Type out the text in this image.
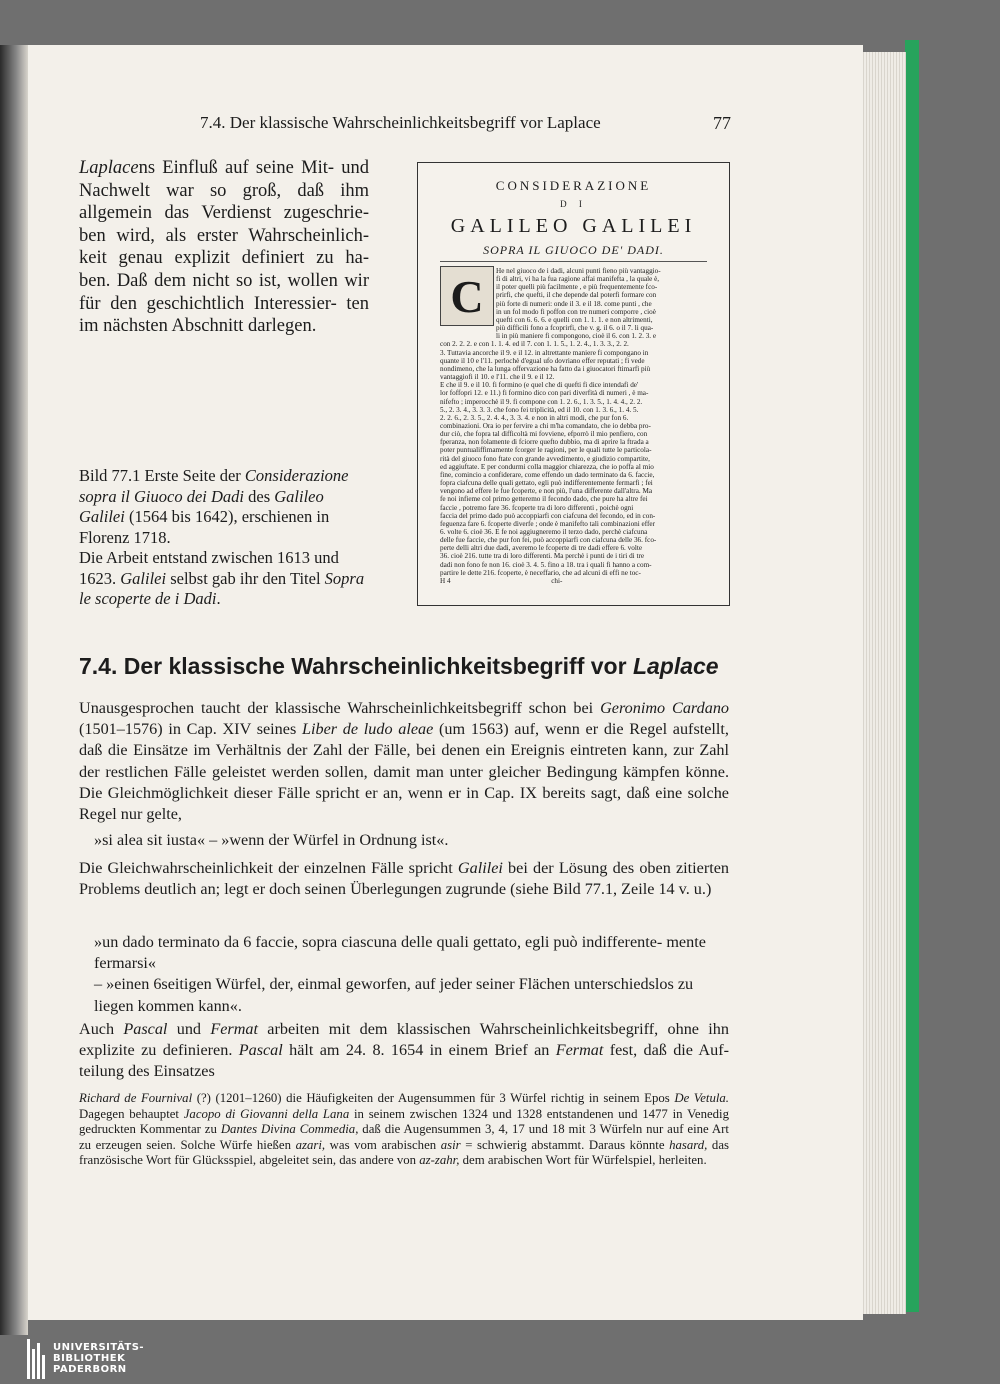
7.4. Der klassische Wahrscheinlichkeitsbegriff vor Laplace	77
Laplacens Einfluß auf seine Mit- und Nachwelt war so groß, daß ihm allgemein das Verdienst zugeschrie- ben wird, als erster Wahrscheinlich- keit genau explizit definiert zu ha- ben. Daß dem nicht so ist, wollen wir für den geschichtlich Interessier- ten im nächsten Abschnitt darlegen.
CONSIDERAZIONE
D I
GALILEO GALILEI
SOPRA IL GIUOCO DE' DADI.
C	He nel giuoco de i dadi, alcuni punti fieno più vantaggio-
fi di altri, vi ha la fua ragione affai manifefta , la quale è,
il poter quelli più facilmente , e più frequentemente fco-
prirfi, che quefti, il che depende dal poterfi formare con
più forte di numeri: onde il 3. e il 18. come punti , che
in un fol modo fi poffon con tre numeri comporre , cioè
quefti con 6. 6. 6. e quelli con 1. 1. 1. e non altrimenti,
più difficili fono a fcoprirfi, che v. g. il 6. o il 7. li qua-
li in più maniere fi compongono, cioè il 6. con 1. 2. 3. e
con 2. 2. 2. e con 1. 1. 4. ed il 7. con 1. 1. 5., 1. 2. 4., 1. 3. 3., 2. 2.
3. Tuttavia ancorche il 9. e il 12. in altrettante maniere fi compongano in
quante il 10 e l'11. perlochè d'egual ufo dovriano effer reputati ; fi vede
nondimeno, che la lunga offervazione ha fatto da i giuocatori ftimarfi più
vantaggiofi il 10. e l'11. che il 9. e il 12.
E che il 9. e il 10. fi formino (e quel che di quefti fi dice intendafi de'
lor foffopri 12. e 11.) fi formino dico con pari diverfità di numeri , è ma-
nifefto ; imperocchè il 9. fi compone con 1. 2. 6., 1. 3. 5., 1. 4. 4., 2. 2.
5., 2. 3. 4., 3. 3. 3. che fono fei triplicità, ed il 10. con 1. 3. 6., 1. 4. 5.
2. 2. 6., 2. 3. 5., 2. 4. 4., 3. 3. 4. e non in altri modi, che pur fon 6.
combinazioni. Ora io per fervire a chi m'ha comandato, che io debba pro-
dur ciò, che fopra tal difficoltà mi fovviene, efporrò il mio penfiero, con
fperanza, non folamente di fciorre quefto dubbio, ma di aprire la ftrada a
poter puntualiffimamente fcorger le ragioni, per le quali tutte le particola-
rità del giuoco fono ftate con grande avvedimento, e giudizio compartite,
ed aggiuftate. E per condurmi colla maggior chiarezza, che io poffa al mio
fine, comincio a confiderare, come effendo un dado terminato da 6. faccie,
fopra ciafcuna delle quali gettato, egli può indifferentemente fermarfi ; fei
vengono ad effere le fue fcoperte, e non più, l'una differente dall'altra. Ma
fe noi infieme col primo getteremo il fecondo dado, che pure ha altre fei
faccie , potremo fare 36. fcoperte tra di loro differenti , poichè ogni
faccia del primo dado può accoppiarfi con ciafcuna del fecondo, ed in con-
feguenza fare 6. fcoperte diverfe ; onde è manifefto tali combinazioni effer
6. volte 6. cioè 36. E fe noi aggiugneremo il terzo dado, perchè ciafcuna
delle fue faccie, che pur fon fei, può accoppiarfi con ciafcuna delle 36. fco-
perte delli altri due dadi, averemo le fcoperte di tre dadi effere 6. volte
36. cioè 216. tutte tra di loro differenti. Ma perchè i punti de i tiri di tre
dadi non fono fe non 16. cioè 3. 4. 5. fino a 18. tra i quali fi hanno a com-
partire le dette 216. fcoperte, è neceffario, che ad alcuni di effi ne toc-
H 4                                                        chi-

Bild 77.1 Erste Seite der Considerazione sopra il Giuoco dei Dadi des Galileo Galilei (1564 bis 1642), erschienen in Florenz 1718.

Die Arbeit entstand zwischen 1613 und 1623. Galilei selbst gab ihr den Titel Sopra le scoperte de i Dadi.

7.4. Der klassische Wahrscheinlichkeitsbegriff vor Laplace

Unausgesprochen taucht der klassische Wahrscheinlichkeitsbegriff schon bei Geronimo Cardano (1501–1576) in Cap. XIV seines Liber de ludo aleae (um 1563) auf, wenn er die Regel aufstellt, daß die Einsätze im Verhältnis der Zahl der Fälle, bei denen ein Ereignis eintreten kann, zur Zahl der restlichen Fälle geleistet werden sollen, damit man unter gleicher Bedingung kämpfen könne. Die Gleichmöglichkeit dieser Fälle spricht er an, wenn er in Cap. IX bereits sagt, daß eine solche Regel nur gelte,

»si alea sit iusta« – »wenn der Würfel in Ordnung ist«.

Die Gleichwahrscheinlichkeit der einzelnen Fälle spricht Galilei bei der Lösung des oben zitierten Problems deutlich an; legt er doch seinen Überlegungen zugrunde (siehe Bild 77.1, Zeile 14 v. u.)

»un dado terminato da 6 faccie, sopra ciascuna delle quali gettato, egli può indifferente- mente fermarsi«

– »einen 6seitigen Würfel, der, einmal geworfen, auf jeder seiner Flächen unterschiedslos zu liegen kommen kann«.

Auch Pascal und Fermat arbeiten mit dem klassischen Wahrscheinlichkeitsbegriff, ohne ihn explizite zu definieren. Pascal hält am 24. 8. 1654 in einem Brief an Fermat fest, daß die Auf- teilung des Einsatzes

Richard de Fournival (?) (1201–1260) die Häufigkeiten der Augensummen für 3 Würfel richtig in seinem Epos De Vetula. Dagegen behauptet Jacopo di Giovanni della Lana in seinem zwischen 1324 und 1328 entstandenen und 1477 in Venedig gedruckten Kommentar zu Dantes Divina Commedia, daß die Augensummen 3, 4, 17 und 18 mit 3 Würfeln nur auf eine Art zu erzeugen seien. Solche Würfe hießen azari, was vom arabischen asir = schwierig abstammt. Daraus könnte hasard, das französische Wort für Glücksspiel, abgeleitet sein, das andere von az-zahr, dem arabischen Wort für Würfelspiel, herleiten.
UNIVERSITÄTS-
BIBLIOTHEK
PADERBORN
